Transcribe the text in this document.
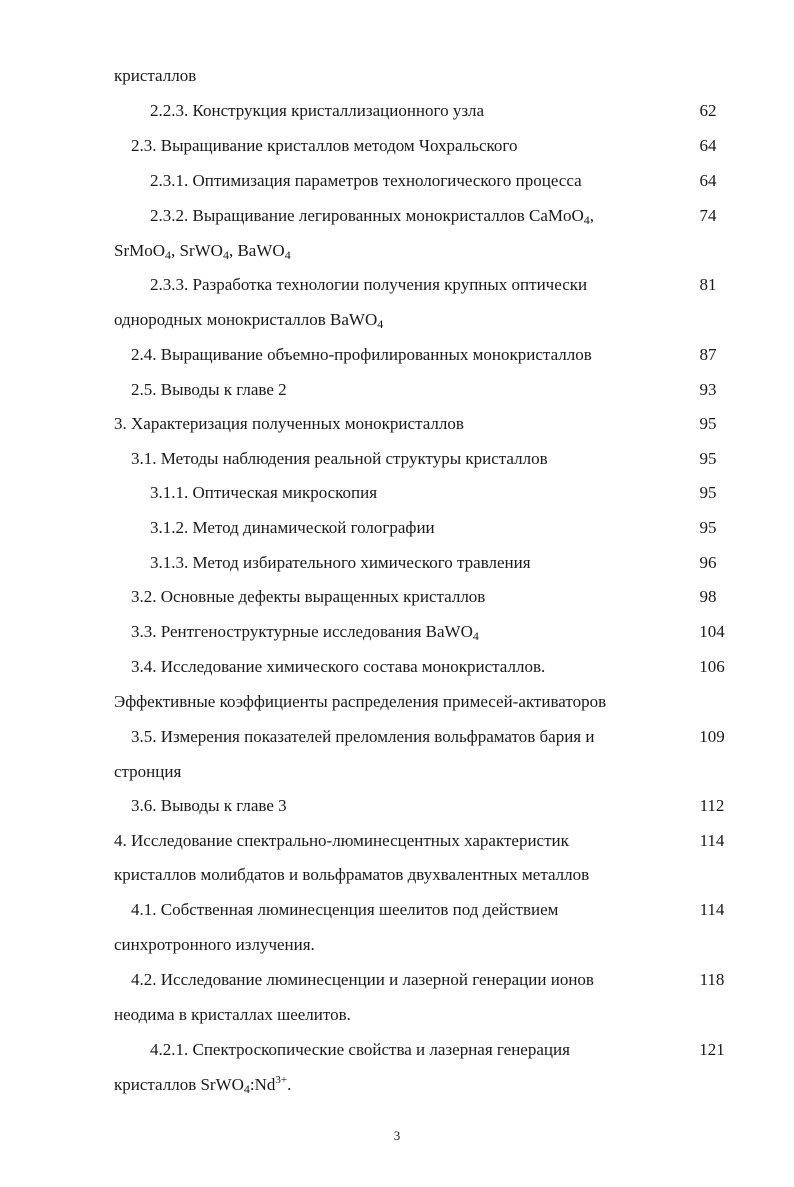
кристаллов
2.2.3. Конструкция кристаллизационного узла	62
2.3. Выращивание кристаллов методом Чохральского	64
2.3.1. Оптимизация параметров технологического процесса	64
2.3.2. Выращивание легированных монокристаллов CaMoO$_4$,	74
SrMoO$_4$, SrWO$_4$, BaWO$_4$
2.3.3. Разработка технологии получения крупных оптически	81
однородных монокристаллов BaWO$_4$
2.4. Выращивание объемно-профилированных монокристаллов	87
2.5. Выводы к главе 2	93
3. Характеризация полученных монокристаллов	95
3.1. Методы наблюдения реальной структуры кристаллов	95
3.1.1. Оптическая микроскопия	95
3.1.2. Метод динамической голографии	95
3.1.3. Метод избирательного химического травления	96
3.2. Основные дефекты выращенных кристаллов	98
3.3. Рентгеноструктурные исследования BaWO$_4$	104
3.4. Исследование химического состава монокристаллов.	106
Эффективные коэффициенты распределения примесей-активаторов
3.5. Измерения показателей преломления вольфраматов бария и	109
стронция
3.6. Выводы к главе 3	112
4. Исследование спектрально-люминесцентных характеристик	114
кристаллов молибдатов и вольфраматов двухвалентных металлов
4.1. Собственная люминесценция шеелитов под действием	114
синхротронного излучения.
4.2. Исследование люминесценции и лазерной генерации ионов	118
неодима в кристаллах шеелитов.
4.2.1. Спектроскопические свойства и лазерная генерация	121
кристаллов $SrWO_4:Nd^{3+}$.
3
